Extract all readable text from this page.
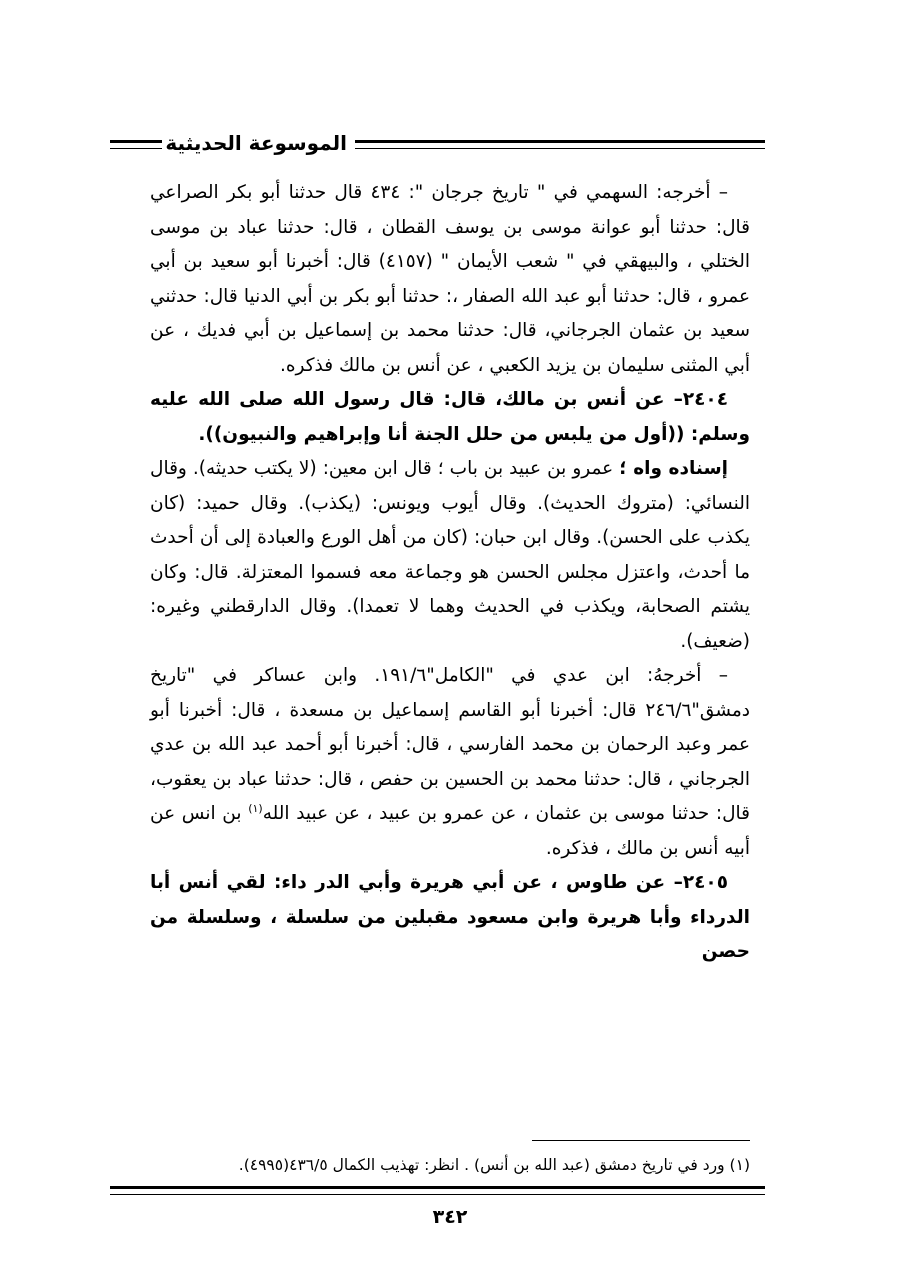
الموسوعة الحديثية

– أخرجه: السهمي في " تاريخ جرجان ": ٤٣٤ قال حدثنا أبو بكر الصراعي قال: حدثنا أبو عوانة موسى بن يوسف القطان ، قال: حدثنا عباد بن موسى الختلي ، والبيهقي في " شعب الأيمان " (٤١٥٧) قال: أخبرنا أبو سعيد بن أبي عمرو ، قال: حدثنا أبو عبد الله الصفار ،: حدثنا أبو بكر بن أبي الدنيا قال: حدثني سعيد بن عثمان الجرجاني، قال: حدثنا محمد بن إسماعيل بن أبي فديك ، عن أبي المثنى سليمان بن يزيد الكعبي ، عن أنس بن مالك فذكره.

٢٤٠٤– عن أنس بن مالك، قال: قال رسول الله صلى الله عليه وسلم: ((أول من يلبس من حلل الجنة أنا وإبراهيم والنبيون)).

إسناده واه ؛ عمرو بن عبيد بن باب ؛ قال ابن معين: (لا يكتب حديثه). وقال النسائي: (متروك الحديث). وقال أيوب ويونس: (يكذب). وقال حميد: (كان يكذب على الحسن). وقال ابن حبان: (كان من أهل الورع والعبادة إلى أن أحدث ما أحدث، واعتزل مجلس الحسن هو وجماعة معه فسموا المعتزلة. قال: وكان يشتم الصحابة، ويكذب في الحديث وهما لا تعمدا). وقال الدارقطني وغيره: (ضعيف).

– أخرجهُ: ابن عدي في "الكامل"١٩١/٦. وابن عساكر في "تاريخ دمشق"٢٤٦/٦ قال: أخبرنا أبو القاسم إسماعيل بن مسعدة ، قال: أخبرنا أبو عمر وعبد الرحمان بن محمد الفارسي ، قال: أخبرنا أبو أحمد عبد الله بن عدي الجرجاني ، قال: حدثنا محمد بن الحسين بن حفص ، قال: حدثنا عباد بن يعقوب، قال: حدثنا موسى بن عثمان ، عن عمرو بن عبيد ، عن عبيد الله$^{(١)}$ بن انس عن أبيه أنس بن مالك ، فذكره.

٢٤٠٥– عن طاوس ، عن أبي هريرة وأبي الدر داء: لقي أنس أبا الدرداء وأبا هريرة وابن مسعود مقبلين من سلسلة ، وسلسلة من حصن

(١) ورد في تاريخ دمشق (عبد الله بن أنس) . انظر: تهذيب الكمال ٤٣٦/٥(٤٩٩٥).
٣٤٢
